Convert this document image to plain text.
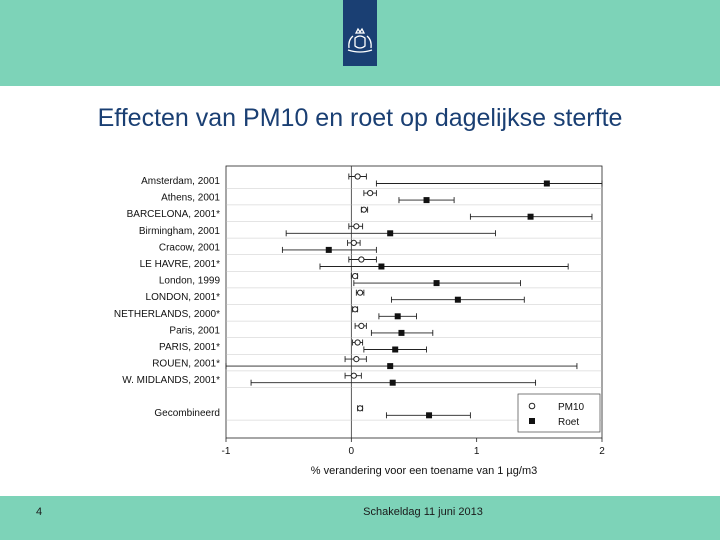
Effecten van PM10 en roet op dagelijkse sterfte
Amsterdam, 2001
Athens, 2001
BARCELONA, 2001*
Birmingham, 2001
Cracow, 2001
LE HAVRE, 2001*
London, 1999
LONDON, 2001*
NETHERLANDS, 2000*
Paris, 2001
PARIS, 2001*
ROUEN, 2001*
W. MIDLANDS, 2001*
Gecombineerd
-1	0	1	2
% verandering voor een toename van 1 µg/m3
PM10
Roet
4	Schakeldag 11 juni 2013
